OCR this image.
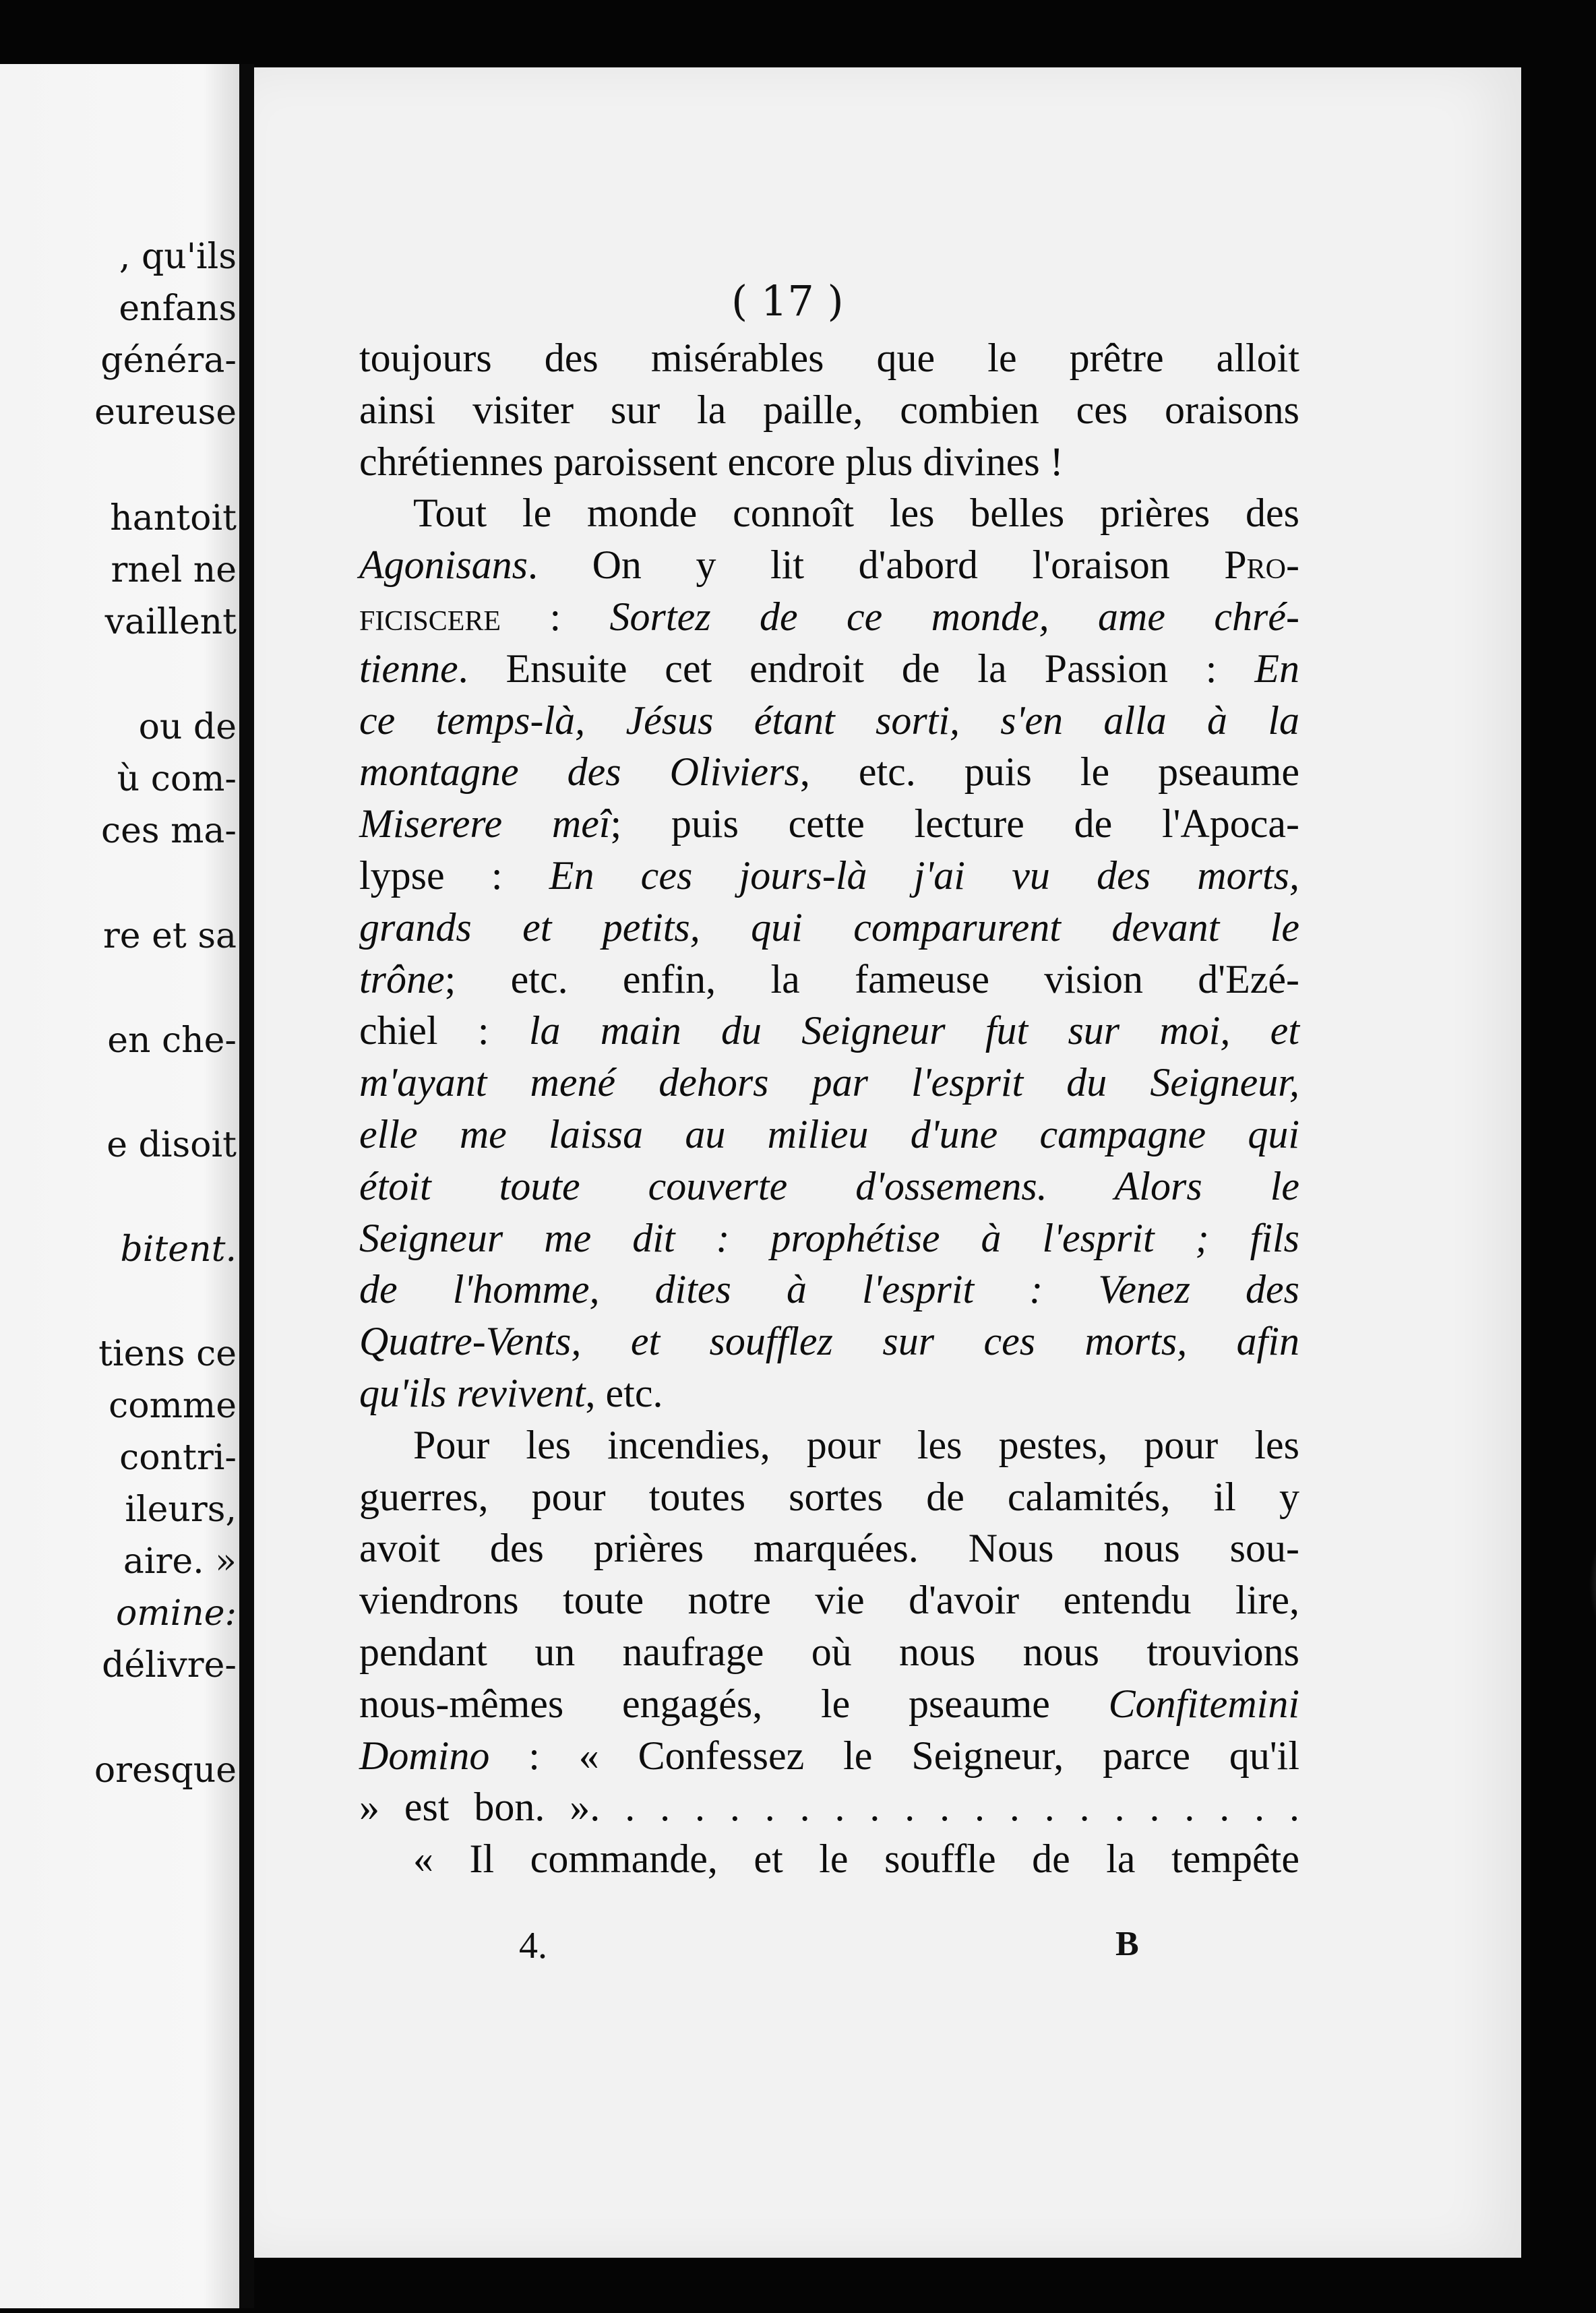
, qu'ils
enfans
généra-
eureuse
hantoit
rnel ne
vaillent
ou de
ù com-
ces ma-
re et sa
en che-
e disoit
bitent.
tiens ce
comme
contri-
ileurs,
aire. »
omine:
délivre-
oresque
( 17 )
toujours des misérables que le prêtre alloit
ainsi visiter sur la paille, combien ces oraisons
chrétiennes paroissent encore plus divines !
Tout le monde connoît les belles prières des
Agonisans. On y lit d'abord l'oraison Pro-
ficiscere : Sortez de ce monde, ame chré-
tienne. Ensuite cet endroit de la Passion : En
ce temps-là, Jésus étant sorti, s'en alla à la
montagne des Oliviers, etc. puis le pseaume
Miserere meî; puis cette lecture de l'Apoca-
lypse : En ces jours-là j'ai vu des morts,
grands et petits, qui comparurent devant le
trône; etc. enfin, la fameuse vision d'Ezé-
chiel : la main du Seigneur fut sur moi, et
m'ayant mené dehors par l'esprit du Seigneur,
elle me laissa au milieu d'une campagne qui
étoit toute couverte d'ossemens. Alors le
Seigneur me dit : prophétise à l'esprit ; fils
de l'homme, dites à l'esprit : Venez des
Quatre-Vents, et soufflez sur ces morts, afin
qu'ils revivent, etc.
Pour les incendies, pour les pestes, pour les
guerres, pour toutes sortes de calamités, il y
avoit des prières marquées. Nous nous sou-
viendrons toute notre vie d'avoir entendu lire,
pendant un naufrage où nous nous trouvions
nous-mêmes engagés, le pseaume Confitemini
Domino : « Confessez le Seigneur, parce qu'il
» est bon. ». . . . . . . . . . . . . . . . . . . . .
« Il commande, et le souffle de la tempête
4.	B
